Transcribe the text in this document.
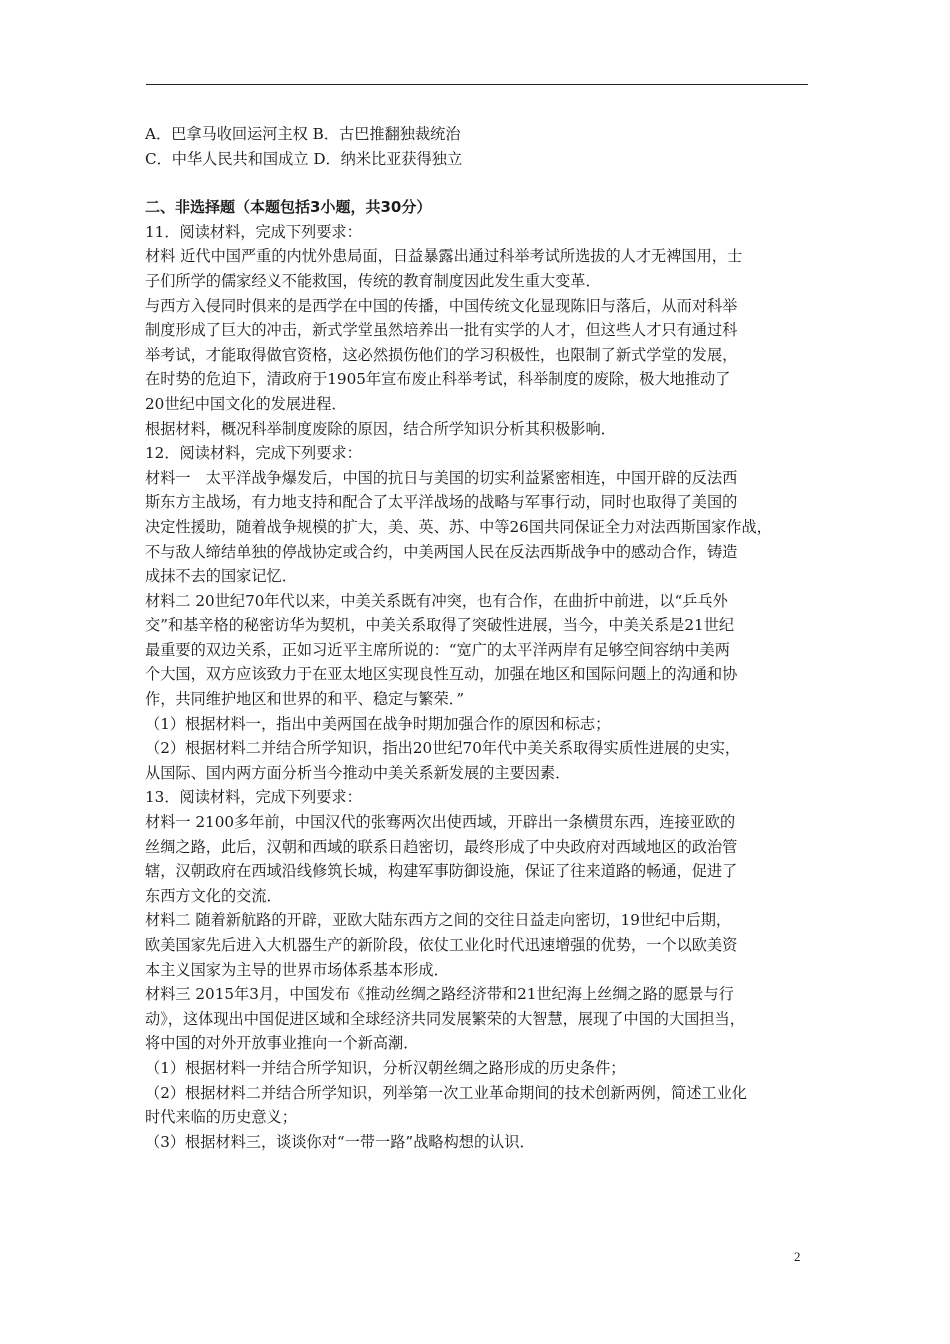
A．巴拿马收回运河主权 B．古巴推翻独裁统治
C．中华人民共和国成立 D．纳米比亚获得独立
二、非选择题（本题包括3小题，共30分）
11．阅读材料，完成下列要求：
材料 近代中国严重的内忧外患局面，日益暴露出通过科举考试所选拔的人才无裨国用，士
子们所学的儒家经义不能救国，传统的教育制度因此发生重大变革．
与西方入侵同时俱来的是西学在中国的传播，中国传统文化显现陈旧与落后，从而对科举
制度形成了巨大的冲击，新式学堂虽然培养出一批有实学的人才，但这些人才只有通过科
举考试，才能取得做官资格，这必然损伤他们的学习积极性，也限制了新式学堂的发展，
在时势的危迫下，清政府于1905年宣布废止科举考试，科举制度的废除，极大地推动了
20世纪中国文化的发展进程．
根据材料，概况科举制度废除的原因，结合所学知识分析其积极影响．
12．阅读材料，完成下列要求：
材料一　太平洋战争爆发后，中国的抗日与美国的切实利益紧密相连，中国开辟的反法西
斯东方主战场，有力地支持和配合了太平洋战场的战略与军事行动，同时也取得了美国的
决定性援助，随着战争规模的扩大，美、英、苏、中等26国共同保证全力对法西斯国家作战，
不与敌人缔结单独的停战协定或合约，中美两国人民在反法西斯战争中的感动合作，铸造
成抹不去的国家记忆．
材料二 20世纪70年代以来，中美关系既有冲突，也有合作，在曲折中前进，以“乒乓外
交”和基辛格的秘密访华为契机，中美关系取得了突破性进展，当今，中美关系是21世纪
最重要的双边关系，正如习近平主席所说的：“宽广的太平洋两岸有足够空间容纳中美两
个大国，双方应该致力于在亚太地区实现良性互动，加强在地区和国际问题上的沟通和协
作，共同维护地区和世界的和平、稳定与繁荣．”
（1）根据材料一，指出中美两国在战争时期加强合作的原因和标志；
（2）根据材料二并结合所学知识，指出20世纪70年代中美关系取得实质性进展的史实，
从国际、国内两方面分析当今推动中美关系新发展的主要因素．
13．阅读材料，完成下列要求：
材料一 2100多年前，中国汉代的张骞两次出使西域，开辟出一条横贯东西，连接亚欧的
丝绸之路，此后，汉朝和西域的联系日趋密切，最终形成了中央政府对西域地区的政治管
辖，汉朝政府在西域沿线修筑长城，构建军事防御设施，保证了往来道路的畅通，促进了
东西方文化的交流．
材料二 随着新航路的开辟，亚欧大陆东西方之间的交往日益走向密切，19世纪中后期，
欧美国家先后进入大机器生产的新阶段，依仗工业化时代迅速增强的优势，一个以欧美资
本主义国家为主导的世界市场体系基本形成．
材料三 2015年3月，中国发布《推动丝绸之路经济带和21世纪海上丝绸之路的愿景与行
动》，这体现出中国促进区域和全球经济共同发展繁荣的大智慧，展现了中国的大国担当，
将中国的对外开放事业推向一个新高潮．
（1）根据材料一并结合所学知识，分析汉朝丝绸之路形成的历史条件；
（2）根据材料二并结合所学知识，列举第一次工业革命期间的技术创新两例，简述工业化
时代来临的历史意义；
（3）根据材料三，谈谈你对“一带一路”战略构想的认识．
2
